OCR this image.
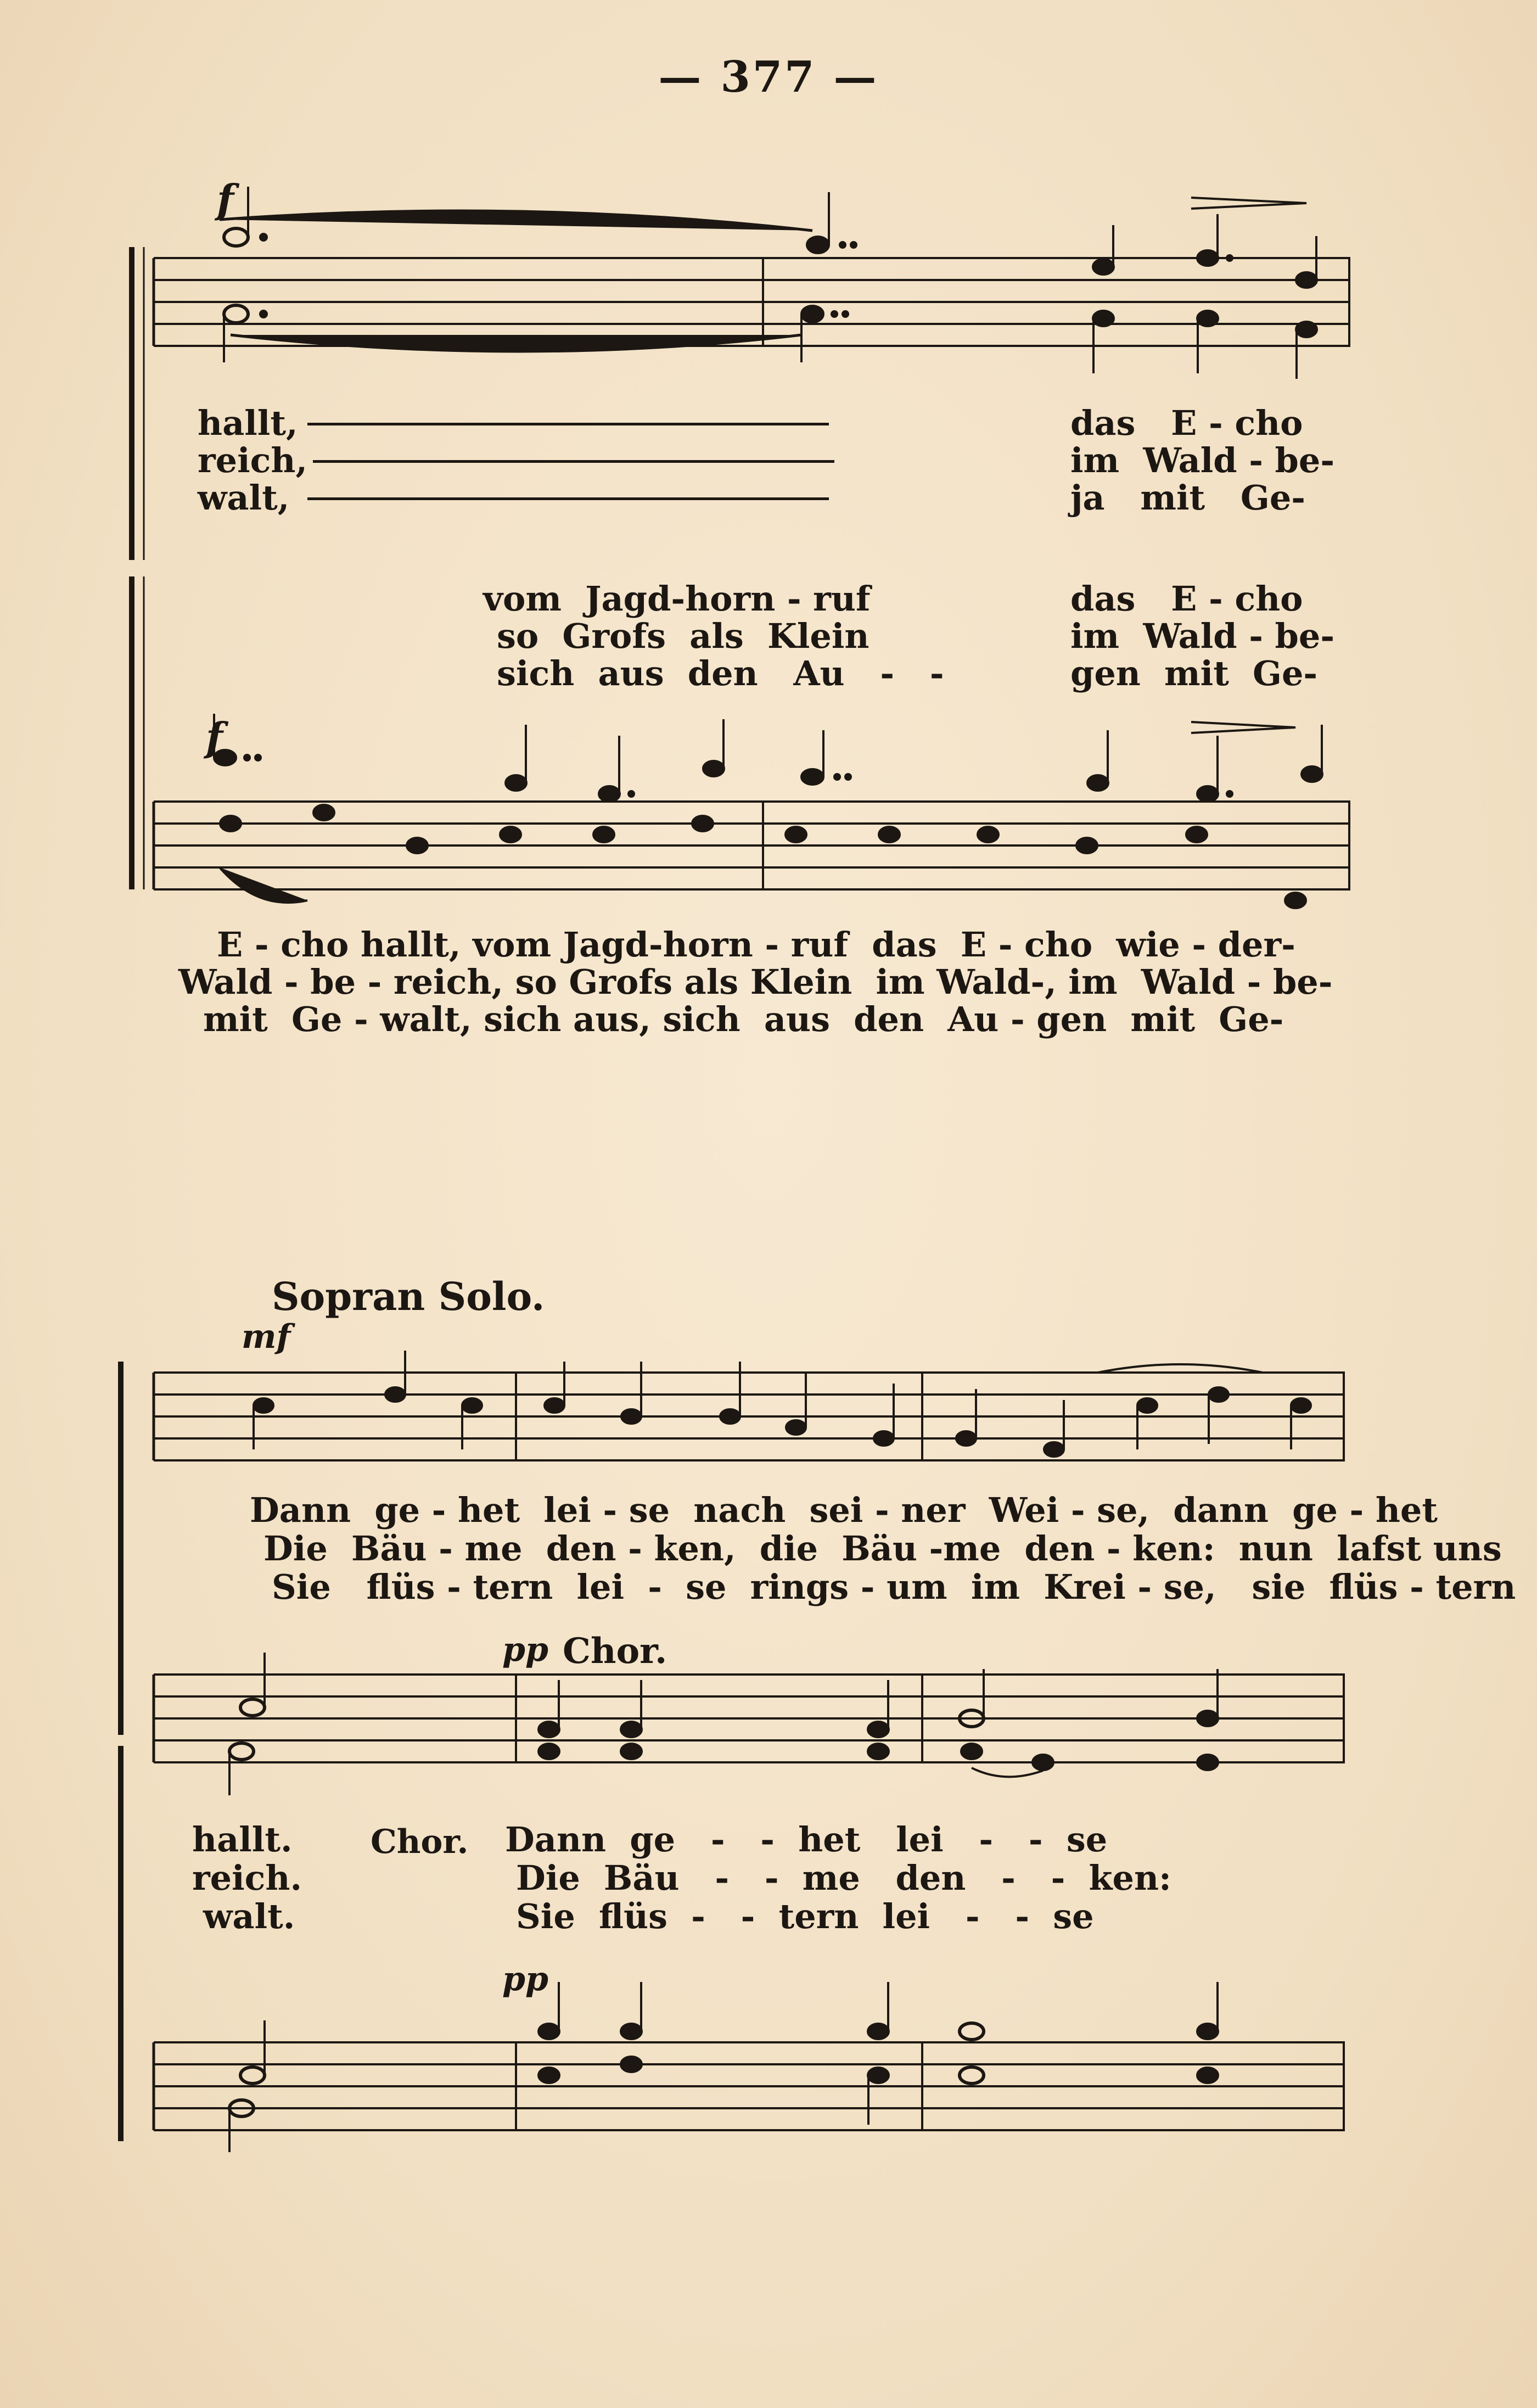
— 377 —
f
f
hallt,
reich,
walt,
das   E - cho
im  Wald - be-
ja   mit   Ge-
vom  Jagd-horn - ruf
so  Grofs  als  Klein
sich  aus  den   Au   -   -
das   E - cho
im  Wald - be-
gen  mit  Ge-
E - cho hallt, vom Jagd-horn - ruf  das  E - cho  wie - der-
Wald - be - reich, so Grofs als Klein  im Wald-, im  Wald - be-
mit  Ge - walt, sich aus, sich  aus  den  Au - gen  mit  Ge-
Sopran Solo.
mf
Dann  ge - het  lei - se  nach  sei - ner  Wei - se,  dann  ge - het
Die  Bäu - me  den - ken,  die  Bäu -me  den - ken:  nun  lafst uns
Sie   flüs - tern  lei  -  se  rings - um  im  Krei - se,   sie  flüs - tern
pp Chor.
hallt.
reich.
walt.
Chor. Dann  ge   -   -  het   lei   -   -  se
Die  Bäu   -   -  me   den   -   -  ken:
Sie  flüs  -   -  tern  lei   -   -  se
pp
